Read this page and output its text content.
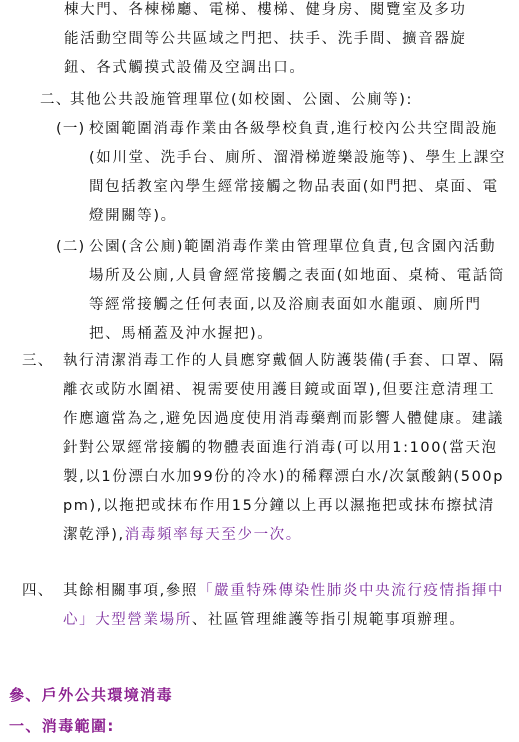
棟大門、各棟梯廳、電梯、樓梯、健身房、閱覽室及多功
能活動空間等公共區域之門把、扶手、洗手間、擴音器旋
鈕、各式觸摸式設備及空調出口。
二、
其他公共設施管理單位(如校園、公園、公廁等):
(一) 校園範圍消毒作業由各級學校負責,進行校內公共空間設施(如川堂、洗手台、廁所、溜滑梯遊樂設施等)、學生上課空間包括教室內學生經常接觸之物品表面(如門把、桌面、電燈開關等)。
(二) 公園(含公廁)範圍消毒作業由管理單位負責,包含園內活動場所及公廁,人員會經常接觸之表面(如地面、桌椅、電話筒等經常接觸之任何表面,以及浴廁表面如水龍頭、廁所門把、馬桶蓋及沖水握把)。
三、 執行清潔消毒工作的人員應穿戴個人防護裝備(手套、口罩、隔離衣或防水圍裙、視需要使用護目鏡或面罩),但要注意清理工作應適當為之,避免因過度使用消毒藥劑而影響人體健康。建議針對公眾經常接觸的物體表面進行消毒(可以用1:100(當天泡製,以1份漂白水加99份的冷水)的稀釋漂白水/次氯酸鈉(500ppm),以拖把或抹布作用15分鐘以上再以濕拖把或抹布擦拭清潔乾淨),消毒頻率每天至少一次。
四、 其餘相關事項,參照「嚴重特殊傳染性肺炎中央流行疫情指揮中心」大型營業場所、社區管理維護等指引規範事項辦理。
參、戶外公共環境消毒
一、消毒範圍:
